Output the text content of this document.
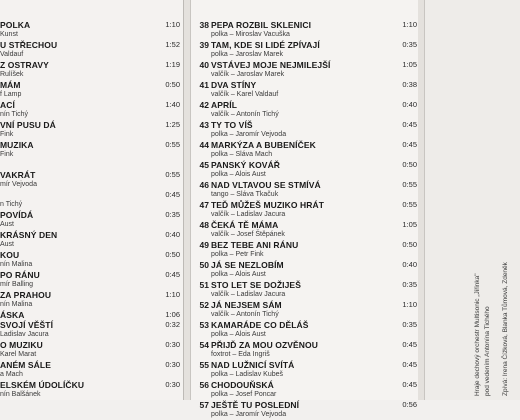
POLKA	1:10
Kunst
U STŘECHOU	1:52
Valdauf
Z OSTRAVY	1:19
Rulíšek
MÁM	0:50
f Lamp
ACÍ	1:40
nín Tichý
VNÍ PUSU DÁ	1:25
Fink
MUZIKA	0:55
Fink
VAKRÁT	0:55
mír Vejvoda
0:45
n Tichý
POVÍDÁ	0:35
Aust
KRÁSNÝ DEN	0:40
Aust
KOU	0:50
nín Malina
PO RÁNU	0:45
mír Balling
ZA PRAHOU	1:10
nín Malina
ÁSKA	1:06
SVOJÍ VĚŠTÍ	0:32
Ladislav Jacura
O MUZIKU	0:30
Karel Marat
ANÉM SÁLE	0:30
a Mach
ELSKÉM ÚDOLÍČKU	0:30
nín Balšánek
38 PEPA ROZBIL SKLENICI	1:10
polka – Miroslav Vacuška
39 TAM, KDE SI LIDÉ ZPÍVAJÍ	0:35
polka – Jaroslav Marek
40 VSTÁVEJ MOJE NEJMILEJŠÍ	1:05
valčík – Jaroslav Marek
41 DVA STÍNY	0:38
valčík – Karel Valdauf
42 APRÍL	0:40
valčík – Antonín Tichý
43 TY TO VÍŠ	0:45
polka – Jaromír Vejvoda
44 MARKÝZA A BUBENÍČEK	0:45
polka – Sláva Mach
45 PANSKÝ KOVÁŘ	0:50
polka – Alois Aust
46 NAD VLTAVOU SE STMÍVÁ	0:55
tango – Sláva Tkačuk
47 TEĎ MŮŽEŠ MUZIKO HRÁT	0:55
valčík – Ladislav Jacura
48 ČEKÁ TĚ MÁMA	1:05
valčík – Josef Štěpánek
49 BEZ TEBE ANI RÁNU	0:50
polka – Petr Fink
50 JÁ SE NEZLOBÍM	0:40
polka – Alois Aust
51 STO LET SE DOŽIJEŠ	0:35
valčík – Ladislav Jacura
52 JÁ NEJSEM SÁM	1:10
valčík – Antonín Tichý
53 KAMARÁDE CO DĚLÁŠ	0:35
polka – Alois Aust
54 PŘIJĎ ZA MOU OZVĚNOU	0:45
foxtrot – Eda Ingriš
55 NAD LUŽNICÍ SVÍTÁ	0:45
polka – Ladislav Kubeš
56 CHODOUŇSKÁ	0:45
polka – Josef Poncar
57 JEŠTĚ TU POSLEDNÍ	0:56
polka – Jaromír Vejvoda
Hraje dechový orchestr Multisonic „Jiřinka" pod vedením Antonína Tichého Zpívá: Irena Čížková, Blanka Tůmová, Zdeněk
